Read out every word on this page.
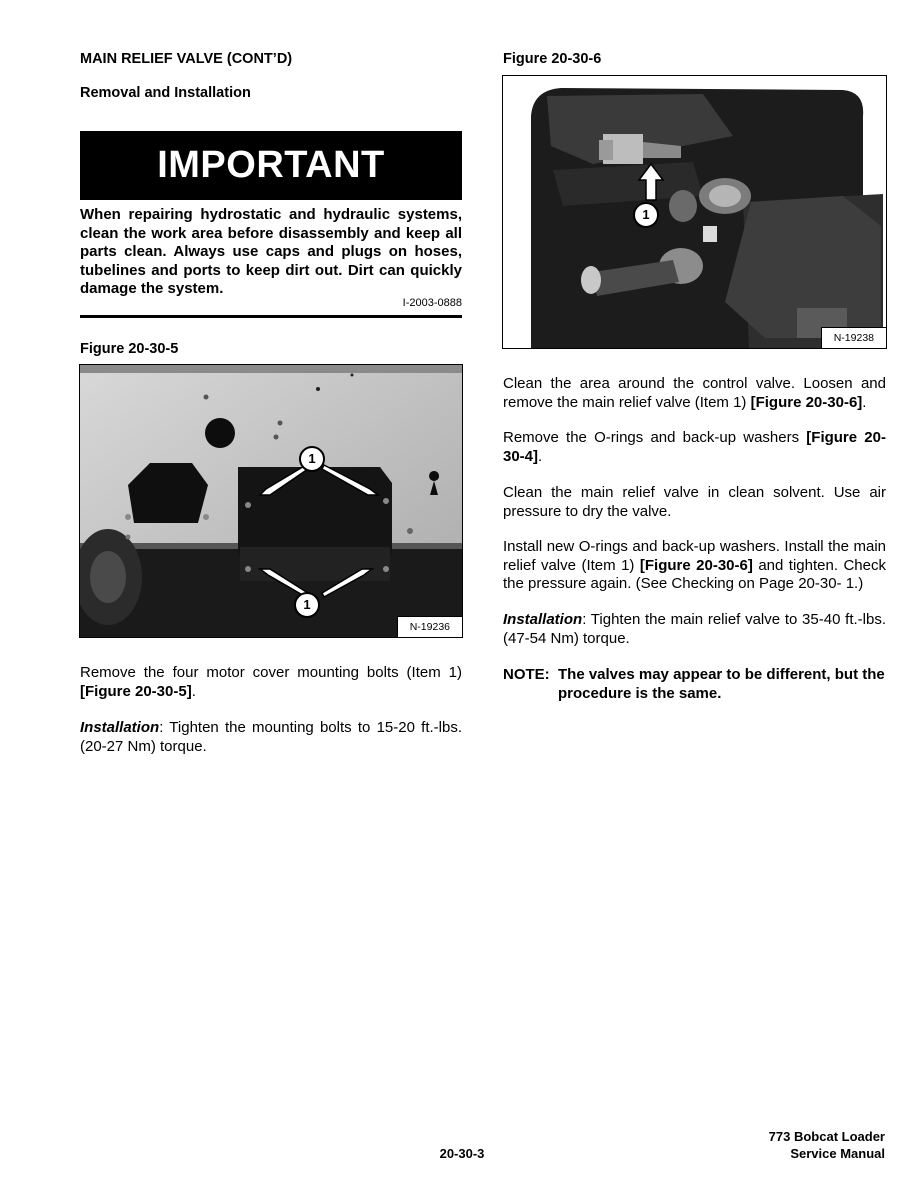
MAIN RELIEF VALVE (CONT’D)
Removal and Installation
IMPORTANT
When repairing hydrostatic and hydraulic systems, clean the work area before disassembly and keep all parts clean. Always use caps and plugs on hoses, tubelines and ports to keep dirt out. Dirt can quickly damage the system.
I-2003-0888
Figure 20-30-5
1
1
N-19236
Remove the four motor cover mounting bolts (Item 1) [Figure 20-30-5].
Installation: Tighten the mounting bolts to 15-20 ft.-lbs. (20-27 Nm) torque.
Figure 20-30-6
1
N-19238
Clean the area around the control valve. Loosen and remove the main relief valve (Item 1) [Figure 20-30-6].
Remove the O-rings and back-up washers [Figure 20-30-4].
Clean the main relief valve in clean solvent. Use air pressure to dry the valve.
Install new O-rings and back-up washers. Install the main relief valve (Item 1) [Figure 20-30-6] and tighten. Check the pressure again. (See Checking on Page 20-30- 1.)
Installation: Tighten the main relief valve to 35-40 ft.-lbs. (47-54 Nm) torque.
NOTE: The valves may appear to be different, but the procedure is the same.
20-30-3
773 Bobcat Loader
Service Manual
